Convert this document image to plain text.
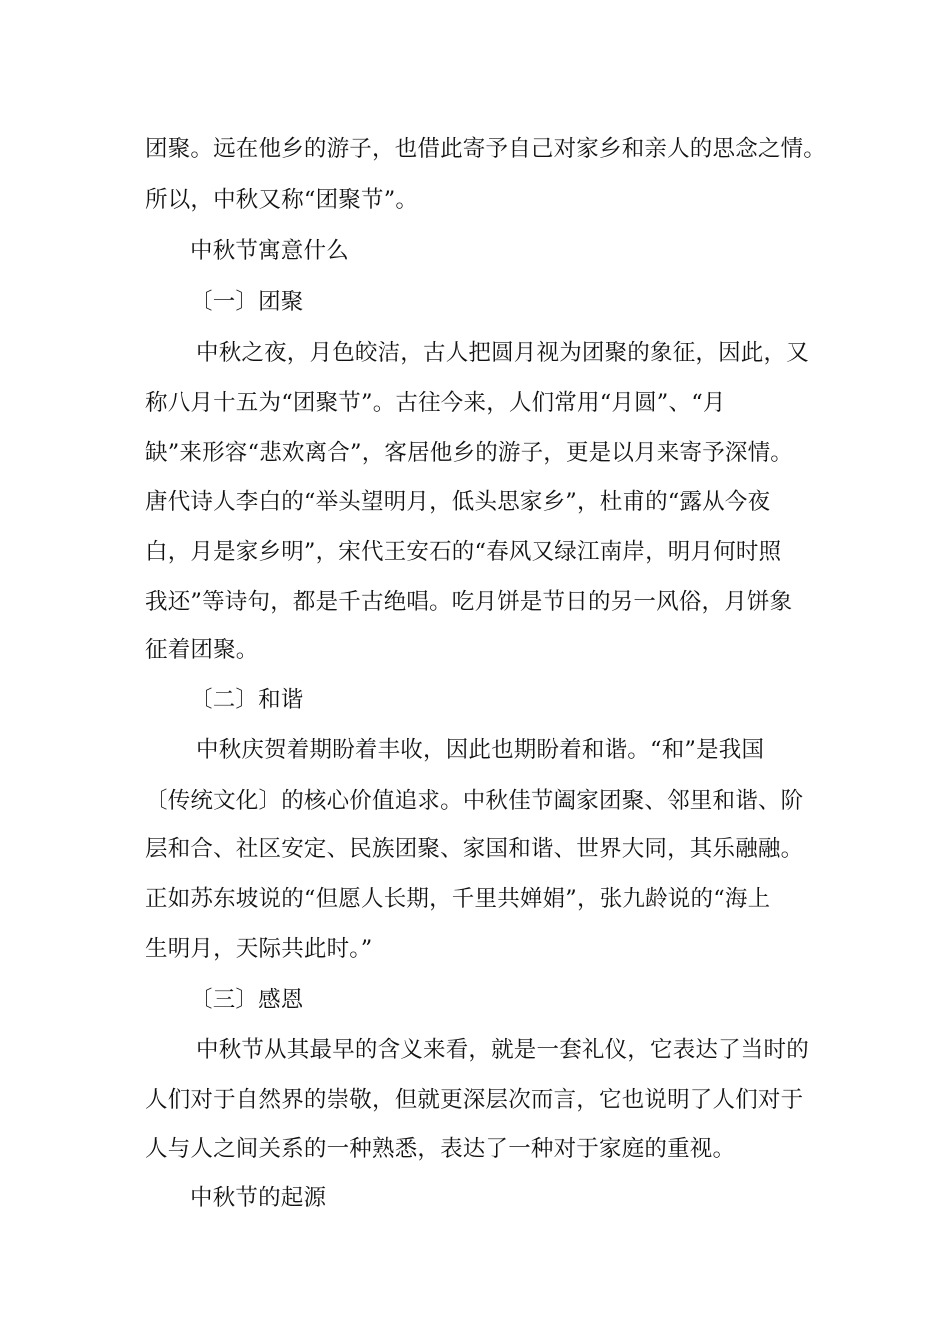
团聚。远在他乡的游子，也借此寄予自己对家乡和亲人的思念之情。
所以，中秋又称“团聚节”。
中秋节寓意什么
〔一〕团聚
中秋之夜，月色皎洁，古人把圆月视为团聚的象征，因此，又
称八月十五为“团聚节”。古往今来，人们常用“月圆”、“月
缺”来形容“悲欢离合”，客居他乡的游子，更是以月来寄予深情。
唐代诗人李白的“举头望明月，低头思家乡”，杜甫的“露从今夜
白，月是家乡明”，宋代王安石的“春风又绿江南岸，明月何时照
我还”等诗句，都是千古绝唱。吃月饼是节日的另一风俗，月饼象
征着团聚。
〔二〕和谐
中秋庆贺着期盼着丰收，因此也期盼着和谐。“和”是我国
〔传统文化〕的核心价值追求。中秋佳节阖家团聚、邻里和谐、阶
层和合、社区安定、民族团聚、家国和谐、世界大同，其乐融融。
正如苏东坡说的“但愿人长期，千里共婵娟”，张九龄说的“海上
生明月，天际共此时。”
〔三〕感恩
中秋节从其最早的含义来看，就是一套礼仪，它表达了当时的
人们对于自然界的崇敬，但就更深层次而言，它也说明了人们对于
人与人之间关系的一种熟悉，表达了一种对于家庭的重视。
中秋节的起源
